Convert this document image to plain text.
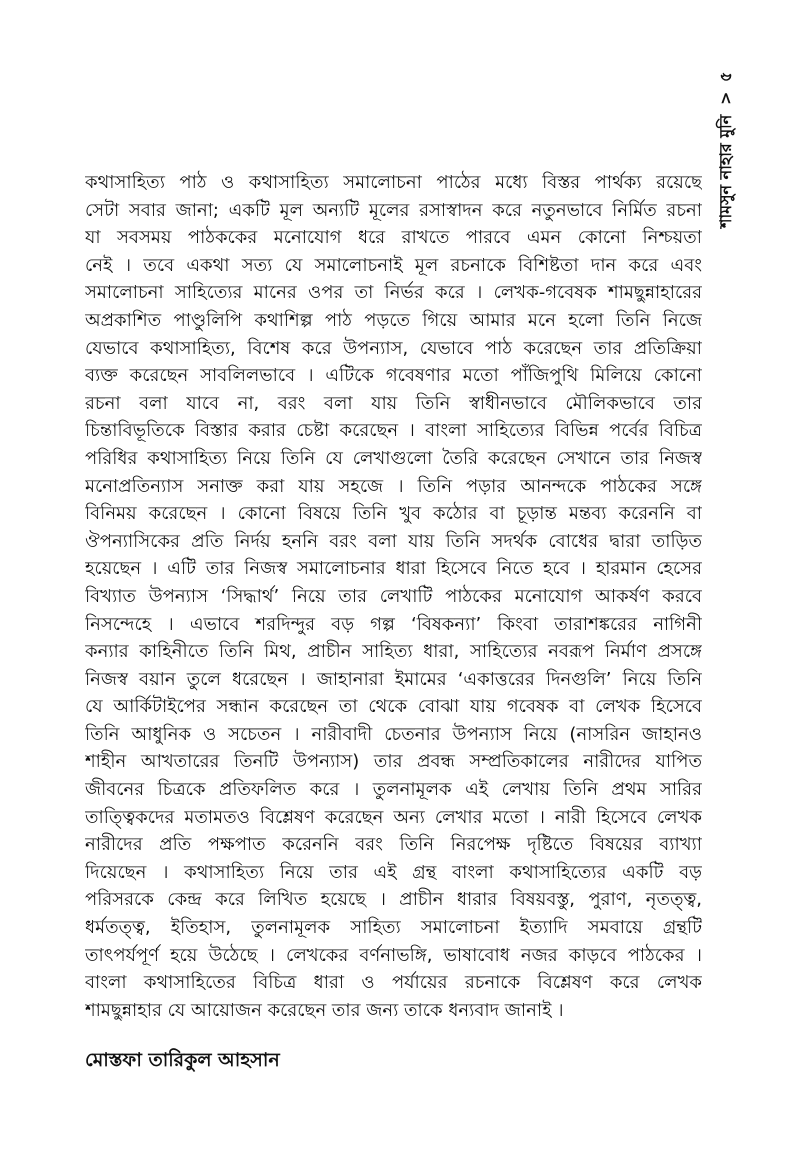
শামসুন নাহার মুনি > ৫
কথাসাহিত্য পাঠ ও কথাসাহিত্য সমালোচনা পাঠের মধ্যে বিস্তর পার্থক্য রয়েছে
সেটা সবার জানা; একটি মূল অন্যটি মূলের রসাস্বাদন করে নতুনভাবে নির্মিত রচনা
যা সবসময় পাঠককের মনোযোগ ধরে রাখতে পারবে এমন কোনো নিশ্চয়তা
নেই । তবে একথা সত্য যে সমালোচনাই মূল রচনাকে বিশিষ্টতা দান করে এবং
সমালোচনা সাহিত্যের মানের ওপর তা নির্ভর করে । লেখক-গবেষক শামছুন্নাহারের
অপ্রকাশিত পাণ্ডুলিপি কথাশিল্প পাঠ পড়তে গিয়ে আমার মনে হলো তিনি নিজে
যেভাবে কথাসাহিত্য, বিশেষ করে উপন্যাস, যেভাবে পাঠ করেছেন তার প্রতিক্রিয়া
ব্যক্ত করেছেন সাবলিলভাবে । এটিকে গবেষণার মতো পাঁজিপুথি মিলিয়ে কোনো
রচনা বলা যাবে না, বরং বলা যায় তিনি স্বাধীনভাবে মৌলিকভাবে তার
চিন্তাবিভূতিকে বিস্তার করার চেষ্টা করেছেন । বাংলা সাহিত্যের বিভিন্ন পর্বের বিচিত্র
পরিধির কথাসাহিত্য নিয়ে তিনি যে লেখাগুলো তৈরি করেছেন সেখানে তার নিজস্ব
মনোপ্রতিন্যাস সনাক্ত করা যায় সহজে । তিনি পড়ার আনন্দকে পাঠকের সঙ্গে
বিনিময় করেছেন । কোনো বিষয়ে তিনি খুব কঠোর বা চূড়ান্ত মন্তব্য করেননি বা
ঔপন্যাসিকের প্রতি নির্দয় হননি বরং বলা যায় তিনি সদর্থক বোধের দ্বারা তাড়িত
হয়েছেন । এটি তার নিজস্ব সমালোচনার ধারা হিসেবে নিতে হবে । হারমান হেসের
বিখ্যাত উপন্যাস ‘সিদ্ধার্থ’ নিয়ে তার লেখাটি পাঠকের মনোযোগ আকর্ষণ করবে
নিসন্দেহে । এভাবে শরদিন্দুর বড় গল্প ‘বিষকন্যা’ কিংবা তারাশঙ্করের নাগিনী
কন্যার কাহিনীতে তিনি মিথ, প্রাচীন সাহিত্য ধারা, সাহিত্যের নবরূপ নির্মাণ প্রসঙ্গে
নিজস্ব বয়ান তুলে ধরেছেন । জাহানারা ইমামের ‘একাত্তরের দিনগুলি’ নিয়ে তিনি
যে আর্কিটাইপের সন্ধান করেছেন তা থেকে বোঝা যায় গবেষক বা লেখক হিসেবে
তিনি আধুনিক ও সচেতন । নারীবাদী চেতনার উপন্যাস নিয়ে (নাসরিন জাহানও
শাহীন আখতারের তিনটি উপন্যাস) তার প্রবন্ধ সম্প্রতিকালের নারীদের যাপিত
জীবনের চিত্রকে প্রতিফলিত করে । তুলনামূলক এই লেখায় তিনি প্রথম সারির
তাত্ত্বিকদের মতামতও বিশ্লেষণ করেছেন অন্য লেখার মতো । নারী হিসেবে লেখক
নারীদের প্রতি পক্ষপাত করেননি বরং তিনি নিরপেক্ষ দৃষ্টিতে বিষয়ের ব্যাখ্যা
দিয়েছেন । কথাসাহিত্য নিয়ে তার এই গ্রন্থ বাংলা কথাসাহিত্যের একটি বড়
পরিসরকে কেন্দ্র করে লিখিত হয়েছে । প্রাচীন ধারার বিষয়বস্তু, পুরাণ, নৃতত্ত্ব,
ধর্মতত্ত্ব, ইতিহাস, তুলনামূলক সাহিত্য সমালোচনা ইত্যাদি সমবায়ে গ্রন্থটি
তাৎপর্যপূর্ণ হয়ে উঠেছে । লেখকের বর্ণনাভঙ্গি, ভাষাবোধ নজর কাড়বে পাঠকের ।
বাংলা কথাসাহিতের বিচিত্র ধারা ও পর্যায়ের রচনাকে বিশ্লেষণ করে লেখক
শামছুন্নাহার যে আয়োজন করেছেন তার জন্য তাকে ধন্যবাদ জানাই ।
মোস্তফা তারিকুল আহসান
